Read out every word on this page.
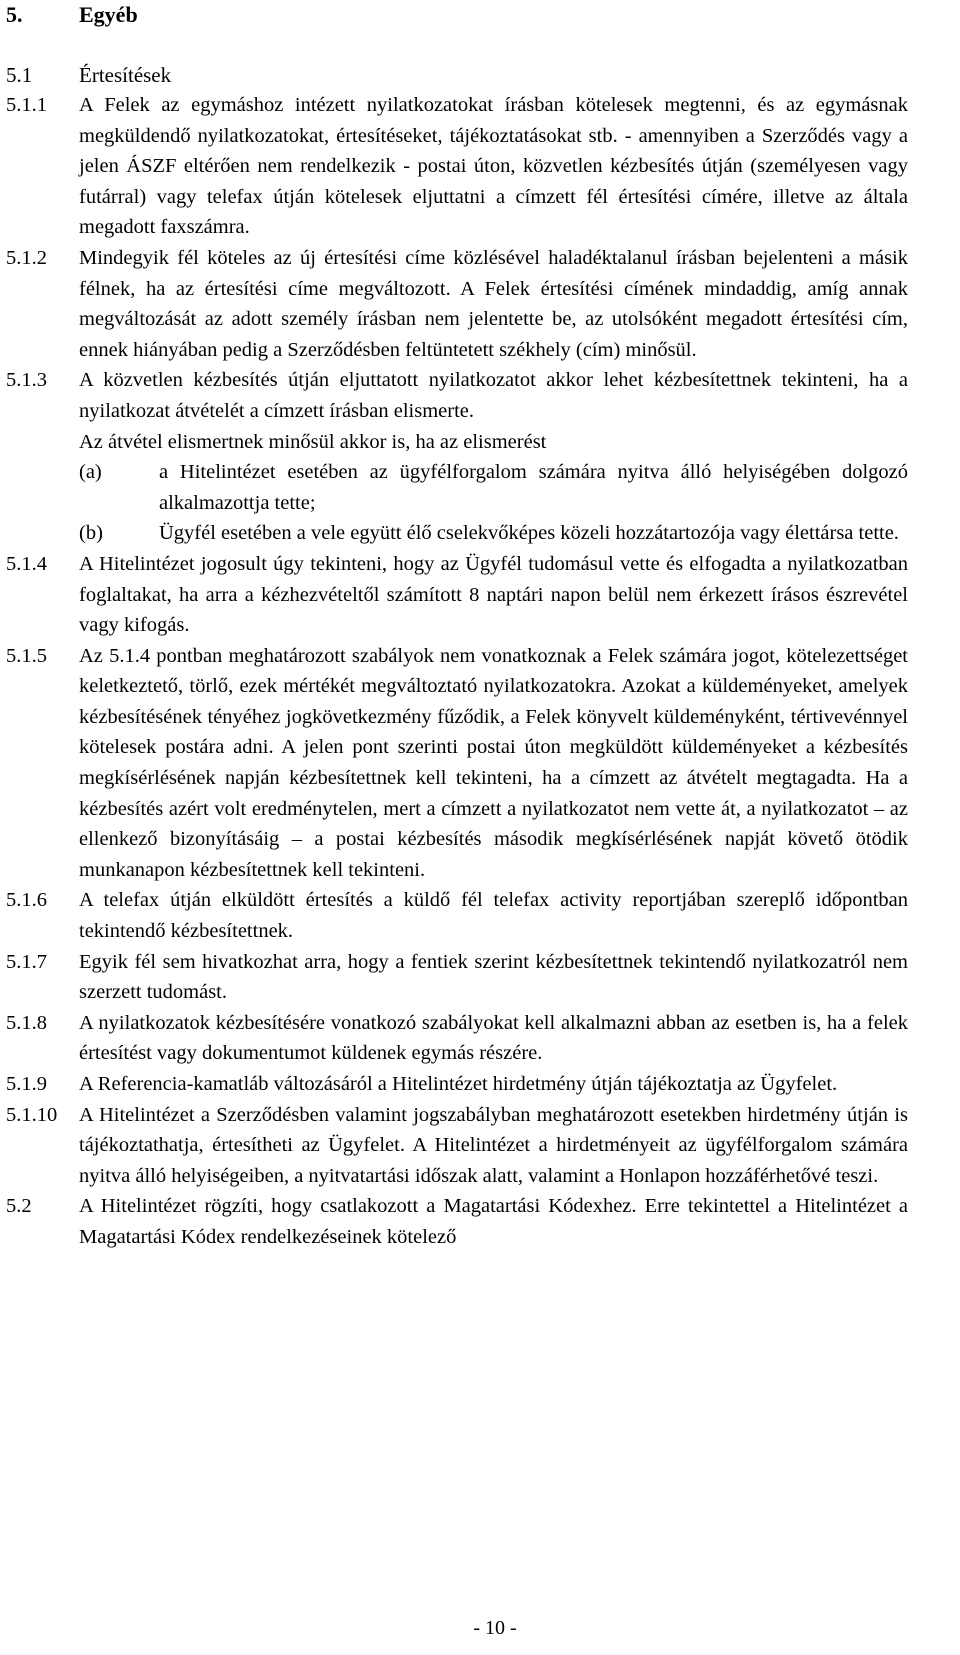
5.	Egyéb
5.1	Értesítések
5.1.1	A Felek az egymáshoz intézett nyilatkozatokat írásban kötelesek megtenni, és az egymásnak megküldendő nyilatkozatokat, értesítéseket, tájékoztatásokat stb. - amennyiben a Szerződés vagy a jelen ÁSZF eltérően nem rendelkezik - postai úton, közvetlen kézbesítés útján (személyesen vagy futárral) vagy telefax útján kötelesek eljuttatni a címzett fél értesítési címére, illetve az általa megadott faxszámra.
5.1.2	Mindegyik fél köteles az új értesítési címe közlésével haladéktalanul írásban bejelenteni a másik félnek, ha az értesítési címe megváltozott. A Felek értesítési címének mindaddig, amíg annak megváltozását az adott személy írásban nem jelentette be, az utolsóként megadott értesítési cím, ennek hiányában pedig a Szerződésben feltüntetett székhely (cím) minősül.
5.1.3	A közvetlen kézbesítés útján eljuttatott nyilatkozatot akkor lehet kézbesítettnek tekinteni, ha a nyilatkozat átvételét a címzett írásban elismerte.
Az átvétel elismertnek minősül akkor is, ha az elismerést
(a)	a Hitelintézet esetében az ügyfélforgalom számára nyitva álló helyiségében dolgozó alkalmazottja tette;
(b)	Ügyfél esetében a vele együtt élő cselekvőképes közeli hozzátartozója vagy élettársa tette.
5.1.4	A Hitelintézet jogosult úgy tekinteni, hogy az Ügyfél tudomásul vette és elfogadta a nyilatkozatban foglaltakat, ha arra a kézhezvételtől számított 8 naptári napon belül nem érkezett írásos észrevétel vagy kifogás.
5.1.5	Az 5.1.4 pontban meghatározott szabályok nem vonatkoznak a Felek számára jogot, kötelezettséget keletkeztető, törlő, ezek mértékét megváltoztató nyilatkozatokra. Azokat a küldeményeket, amelyek kézbesítésének tényéhez jogkövetkezmény fűződik, a Felek könyvelt küldeményként, tértivevénnyel kötelesek postára adni. A jelen pont szerinti postai úton megküldött küldeményeket a kézbesítés megkísérlésének napján kézbesítettnek kell tekinteni, ha a címzett az átvételt megtagadta. Ha a kézbesítés azért volt eredménytelen, mert a címzett a nyilatkozatot nem vette át, a nyilatkozatot – az ellenkező bizonyításáig – a postai kézbesítés második megkísérlésének napját követő ötödik munkanapon kézbesítettnek kell tekinteni.
5.1.6	A telefax útján elküldött értesítés a küldő fél telefax activity reportjában szereplő időpontban tekintendő kézbesítettnek.
5.1.7	Egyik fél sem hivatkozhat arra, hogy a fentiek szerint kézbesítettnek tekintendő nyilatkozatról nem szerzett tudomást.
5.1.8	A nyilatkozatok kézbesítésére vonatkozó szabályokat kell alkalmazni abban az esetben is, ha a felek értesítést vagy dokumentumot küldenek egymás részére.
5.1.9	A Referencia-kamatláb változásáról a Hitelintézet hirdetmény útján tájékoztatja az Ügyfelet.
5.1.10	A Hitelintézet a Szerződésben valamint jogszabályban meghatározott esetekben hirdetmény útján is tájékoztathatja, értesítheti az Ügyfelet. A Hitelintézet a hirdetményeit az ügyfélforgalom számára nyitva álló helyiségeiben, a nyitvatartási időszak alatt, valamint a Honlapon hozzáférhetővé teszi.
5.2	A Hitelintézet rögzíti, hogy csatlakozott a Magatartási Kódexhez. Erre tekintettel a Hitelintézet a Magatartási Kódex rendelkezéseinek kötelező
- 10 -
